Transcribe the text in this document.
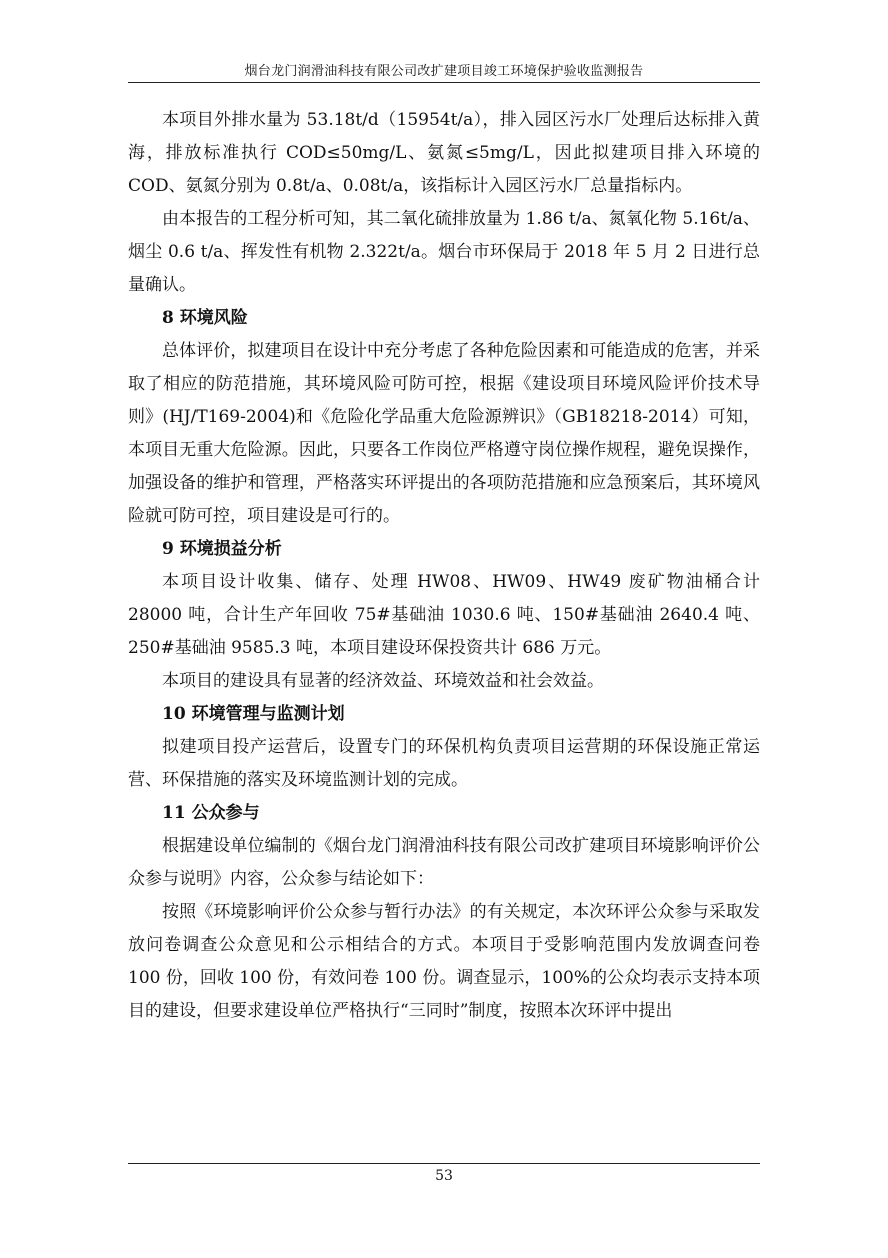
烟台龙门润滑油科技有限公司改扩建项目竣工环境保护验收监测报告

本项目外排水量为 53.18t/d（15954t/a），排入园区污水厂处理后达标排入黄海，排放标准执行 COD≤50mg/L、氨氮≤5mg/L，因此拟建项目排入环境的 COD、氨氮分别为 0.8t/a、0.08t/a，该指标计入园区污水厂总量指标内。

由本报告的工程分析可知，其二氧化硫排放量为 1.86 t/a、氮氧化物 5.16t/a、烟尘 0.6 t/a、挥发性有机物 2.322t/a。烟台市环保局于 2018 年 5 月 2 日进行总量确认。

8 环境风险

总体评价，拟建项目在设计中充分考虑了各种危险因素和可能造成的危害，并采取了相应的防范措施，其环境风险可防可控，根据《建设项目环境风险评价技术导则》(HJ/T169-2004)和《危险化学品重大危险源辨识》（GB18218-2014）可知，本项目无重大危险源。因此，只要各工作岗位严格遵守岗位操作规程，避免误操作，加强设备的维护和管理，严格落实环评提出的各项防范措施和应急预案后，其环境风险就可防可控，项目建设是可行的。

9 环境损益分析

本项目设计收集、储存、处理 HW08、HW09、HW49 废矿物油桶合计 28000 吨，合计生产年回收 75#基础油 1030.6 吨、150#基础油 2640.4 吨、250#基础油 9585.3 吨，本项目建设环保投资共计 686 万元。

本项目的建设具有显著的经济效益、环境效益和社会效益。

10 环境管理与监测计划

拟建项目投产运营后，设置专门的环保机构负责项目运营期的环保设施正常运营、环保措施的落实及环境监测计划的完成。

11 公众参与

根据建设单位编制的《烟台龙门润滑油科技有限公司改扩建项目环境影响评价公众参与说明》内容，公众参与结论如下：

按照《环境影响评价公众参与暂行办法》的有关规定，本次环评公众参与采取发放问卷调查公众意见和公示相结合的方式。本项目于受影响范围内发放调查问卷 100 份，回收 100 份，有效问卷 100 份。调查显示，100%的公众均表示支持本项目的建设，但要求建设单位严格执行“三同时”制度，按照本次环评中提出

53
